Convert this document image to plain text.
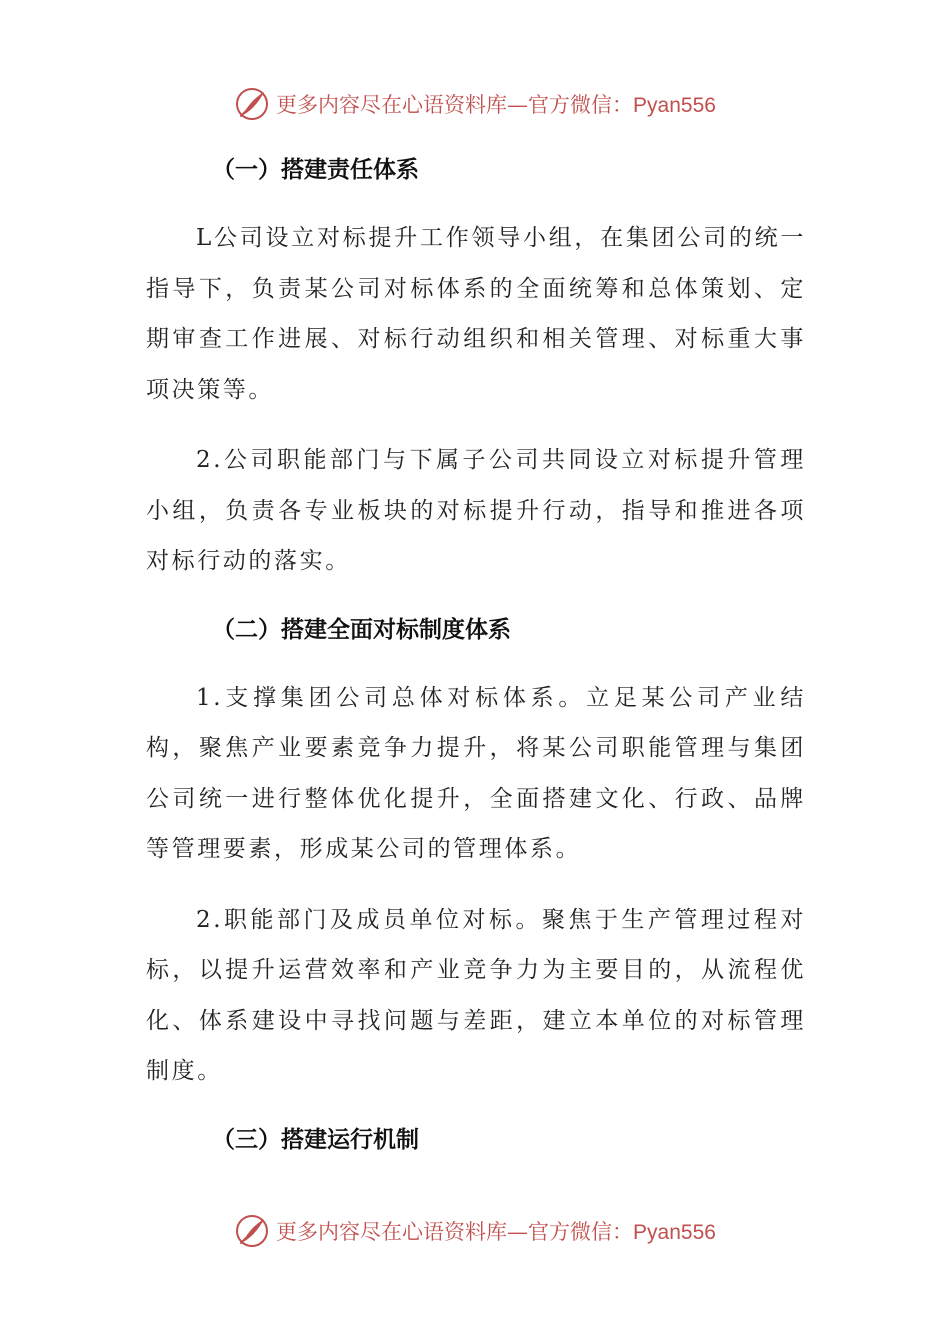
更多内容尽在心语资料库—官方微信：Pyan556
（一）搭建责任体系

L公司设立对标提升工作领导小组，在集团公司的统一指导下，负责某公司对标体系的全面统筹和总体策划、定期审查工作进展、对标行动组织和相关管理、对标重大事项决策等。

2.公司职能部门与下属子公司共同设立对标提升管理小组，负责各专业板块的对标提升行动，指导和推进各项对标行动的落实。

（二）搭建全面对标制度体系

1.支撑集团公司总体对标体系。立足某公司产业结构，聚焦产业要素竞争力提升，将某公司职能管理与集团公司统一进行整体优化提升，全面搭建文化、行政、品牌等管理要素，形成某公司的管理体系。

2.职能部门及成员单位对标。聚焦于生产管理过程对标，以提升运营效率和产业竞争力为主要目的，从流程优化、体系建设中寻找问题与差距，建立本单位的对标管理制度。

（三）搭建运行机制
更多内容尽在心语资料库—官方微信：Pyan556
